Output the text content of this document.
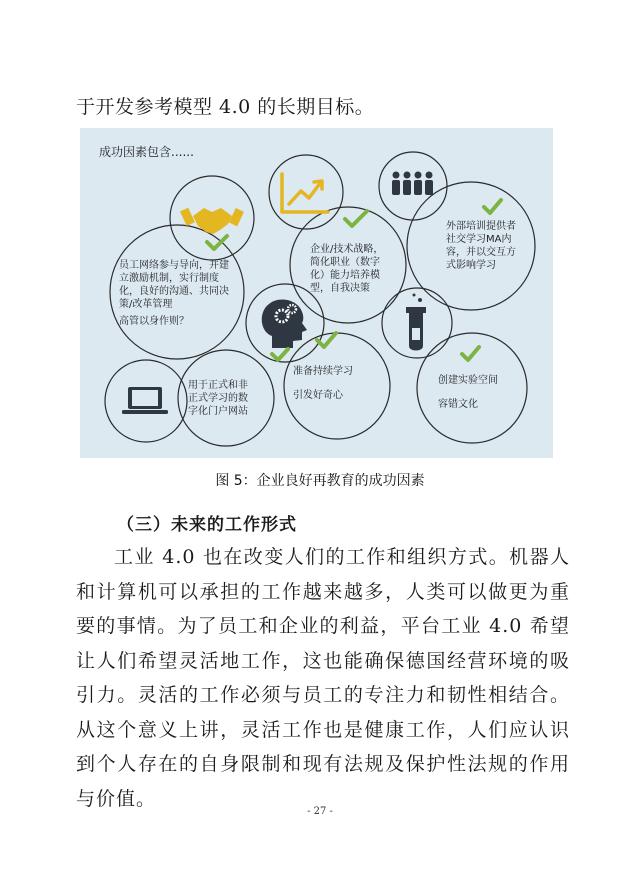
于开发参考模型 4.0 的长期目标。
成功因素包含......
员工网络参与导向，并建
立激励机制，实行制度
化，良好的沟通、共同决
策/改革管理
高管以身作则？
企业/技术战略，
简化职业（数字
化）能力培养模
型，自我决策
外部培训提供者
社交学习MA内
容，并以交互方
式影响学习
用于正式和非
正式学习的数
字化门户网站
准备持续学习
引发好奇心
创建实验空间
容错文化
图 5：企业良好再教育的成功因素
（三）未来的工作形式

工业 4.0 也在改变人们的工作和组织方式。机器人和计算机可以承担的工作越来越多，人类可以做更为重要的事情。为了员工和企业的利益，平台工业 4.0 希望让人们希望灵活地工作，这也能确保德国经营环境的吸引力。灵活的工作必须与员工的专注力和韧性相结合。从这个意义上讲，灵活工作也是健康工作，人们应认识到个人存在的自身限制和现有法规及保护性法规的作用与价值。

- 27 -
